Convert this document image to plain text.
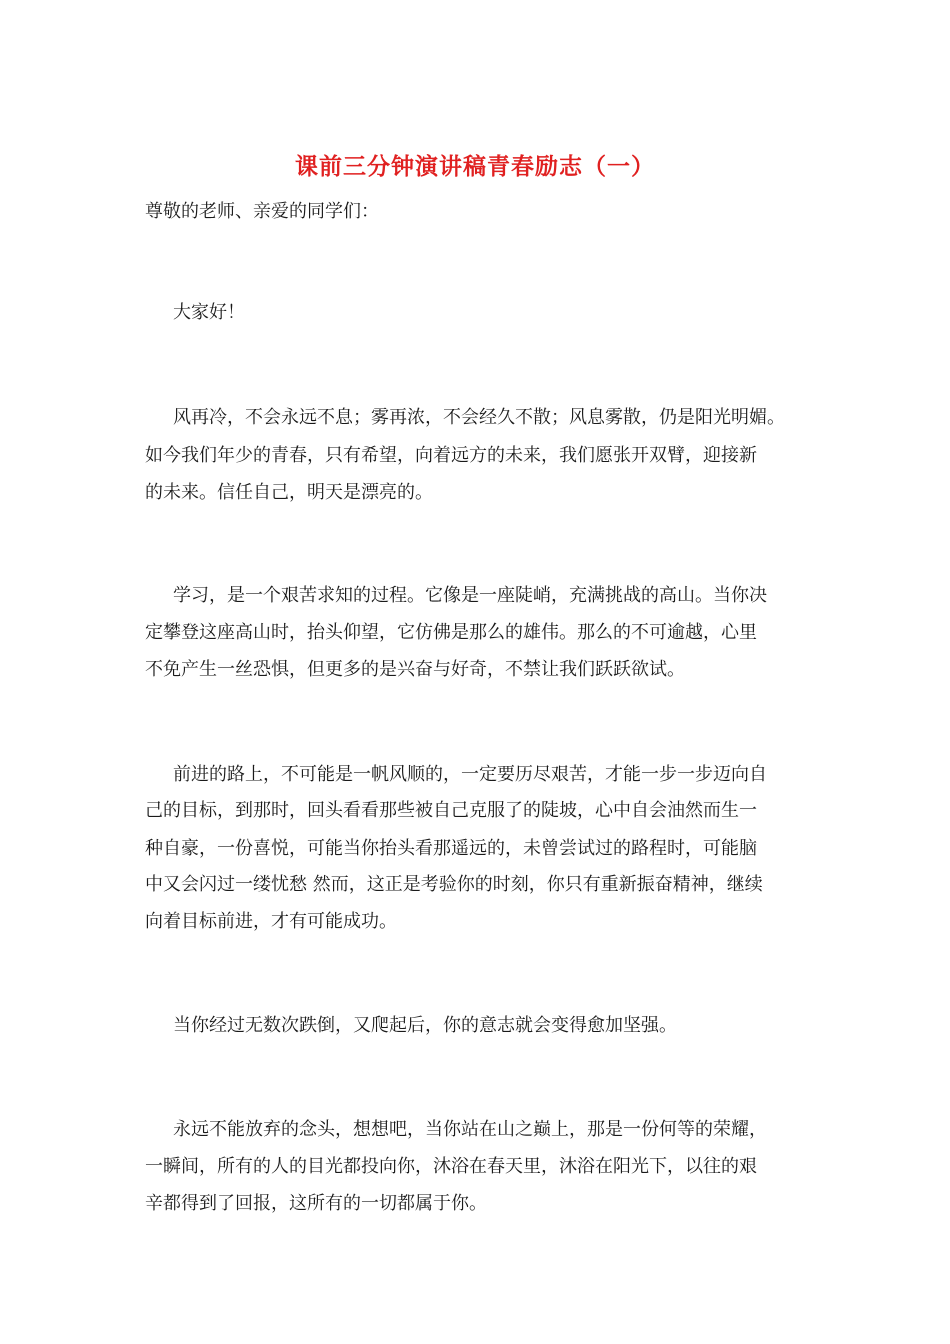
课前三分钟演讲稿青春励志（一）
尊敬的老师、亲爱的同学们：
大家好！
风再冷，不会永远不息；雾再浓，不会经久不散；风息雾散，仍是阳光明媚。
如今我们年少的青春，只有希望，向着远方的未来，我们愿张开双臂，迎接新
的未来。信任自己，明天是漂亮的。
学习，是一个艰苦求知的过程。它像是一座陡峭，充满挑战的高山。当你决
定攀登这座高山时，抬头仰望，它仿佛是那么的雄伟。那么的不可逾越，心里
不免产生一丝恐惧，但更多的是兴奋与好奇，不禁让我们跃跃欲试。
前进的路上，不可能是一帆风顺的，一定要历尽艰苦，才能一步一步迈向自
己的目标，到那时，回头看看那些被自己克服了的陡坡，心中自会油然而生一
种自豪，一份喜悦，可能当你抬头看那遥远的，未曾尝试过的路程时，可能脑
中又会闪过一缕忧愁 然而，这正是考验你的时刻，你只有重新振奋精神，继续
向着目标前进，才有可能成功。
当你经过无数次跌倒，又爬起后，你的意志就会变得愈加坚强。
永远不能放弃的念头，想想吧，当你站在山之巅上，那是一份何等的荣耀，
一瞬间，所有的人的目光都投向你，沐浴在春天里，沐浴在阳光下，以往的艰
辛都得到了回报，这所有的一切都属于你。
